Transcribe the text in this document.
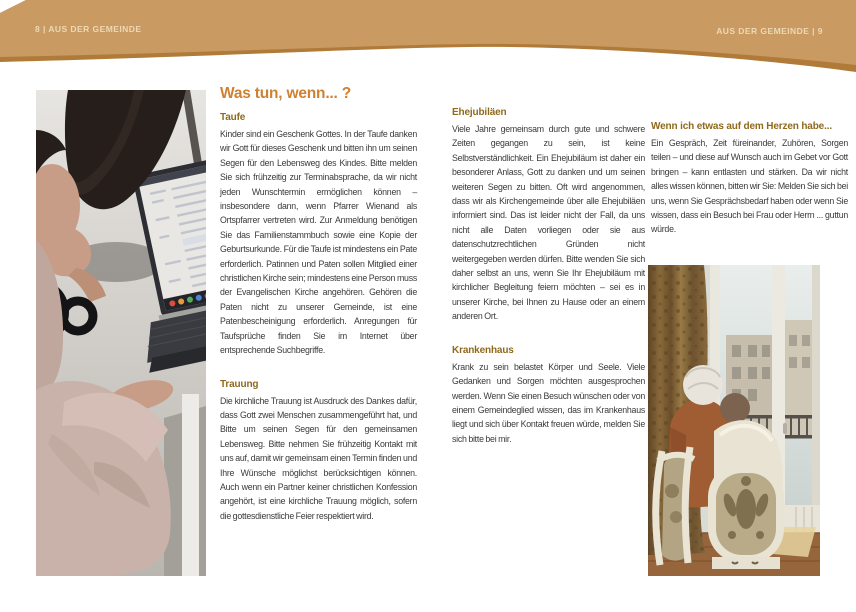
8 | AUS DER GEMEINDE	AUS DER GEMEINDE | 9
Was tun, wenn... ?
Taufe

Kinder sind ein Geschenk Gottes. In der Taufe danken wir Gott für dieses Geschenk und bitten ihn um seinen Segen für den Lebensweg des Kindes. Bitte melden Sie sich frühzeitig zur Terminabsprache, da wir nicht jeden Wunschtermin ermöglichen können – insbesondere dann, wenn Pfarrer Wienand als Ortspfarrer vertreten wird. Zur Anmeldung benötigen Sie das Familienstammbuch sowie eine Kopie der Geburtsurkunde. Für die Taufe ist mindestens ein Pate erforderlich. Patinnen und Paten sollen Mitglied einer christlichen Kirche sein; mindestens eine Person muss der Evangelischen Kirche angehören. Gehören die Paten nicht zu unserer Gemeinde, ist eine Patenbescheinigung erforderlich. Anregungen für Taufsprüche finden Sie im Internet über entsprechende Suchbegriffe.

Trauung

Die kirchliche Trauung ist Ausdruck des Dankes dafür, dass Gott zwei Menschen zusammengeführt hat, und Bitte um seinen Segen für den gemeinsamen Lebensweg. Bitte nehmen Sie frühzeitig Kontakt mit uns auf, damit wir gemeinsam einen Termin finden und Ihre Wünsche möglichst berücksichtigen können. Auch wenn ein Partner keiner christlichen Konfession angehört, ist eine kirchliche Trauung möglich, sofern die gottesdienstliche Feier respektiert wird.

Ehejubiläen

Viele Jahre gemeinsam durch gute und schwere Zeiten gegangen zu sein, ist keine Selbstverständlichkeit. Ein Ehejubiläum ist daher ein besonderer Anlass, Gott zu danken und um seinen weiteren Segen zu bitten. Oft wird angenommen, dass wir als Kirchengemeinde über alle Ehejubiläen informiert sind. Das ist leider nicht der Fall, da uns nicht alle Daten vorliegen oder sie aus datenschutzrechtlichen Gründen nicht weitergegeben werden dürfen. Bitte wenden Sie sich daher selbst an uns, wenn Sie Ihr Ehejubiläum mit kirchlicher Begleitung feiern möchten – sei es in unserer Kirche, bei Ihnen zu Hause oder an einem anderen Ort.

Krankenhaus

Krank zu sein belastet Körper und Seele. Viele Gedanken und Sorgen möchten ausgesprochen werden. Wenn Sie einen Besuch wünschen oder von einem Gemeindeglied wissen, das im Krankenhaus liegt und sich über Kontakt freuen würde, melden Sie sich bitte bei mir.

Wenn ich etwas auf dem Herzen habe...

Ein Gespräch, Zeit füreinander, Zuhören, Sorgen teilen – und diese auf Wunsch auch im Gebet vor Gott bringen – kann entlasten und stärken. Da wir nicht alles wissen können, bitten wir Sie: Melden Sie sich bei uns, wenn Sie Gesprächsbedarf haben oder wenn Sie wissen, dass ein Besuch bei Frau oder Herrn ... guttun würde.
